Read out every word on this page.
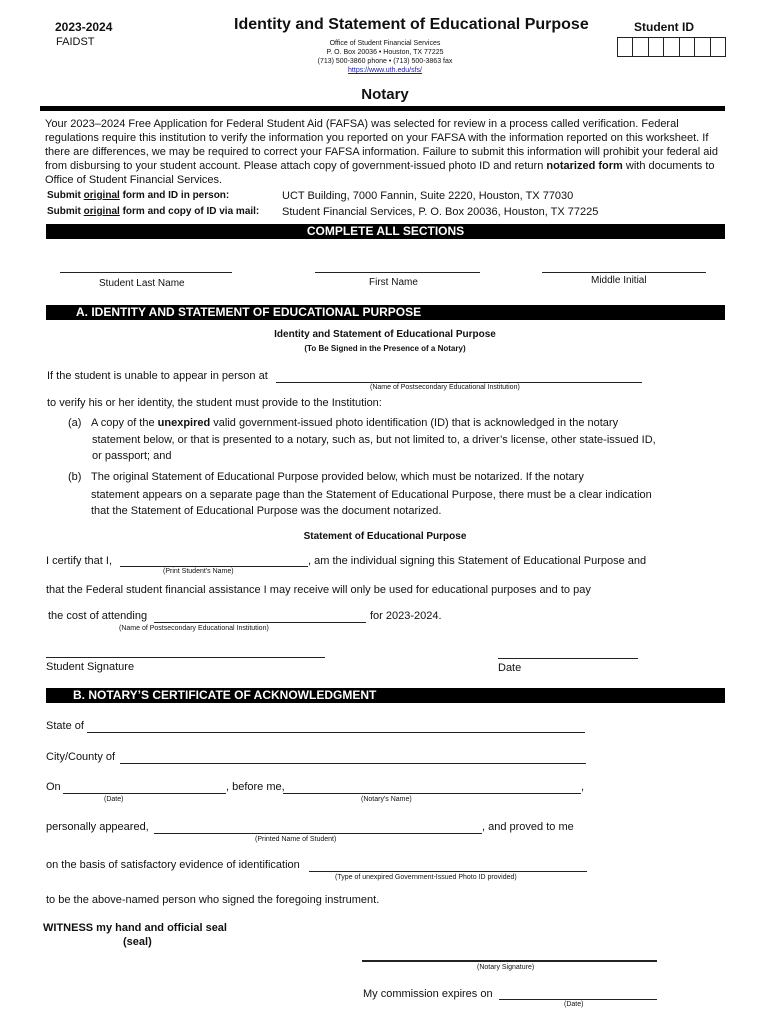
2023-2024
FAIDST
Identity and Statement of Educational Purpose	Student ID
Office of Student Financial Services
P. O. Box 20036 • Houston, TX 77225
(713) 500-3860 phone • (713) 500-3863 fax
https://www.uth.edu/sfs/
Notary
Your 2023–2024 Free Application for Federal Student Aid (FAFSA) was selected for review in a process called verification. Federal regulations require this institution to verify the information you reported on your FAFSA with the information reported on this worksheet. If there are differences, we may be required to correct your FAFSA information. Failure to submit this information will prohibit your federal aid from disbursing to your student account. Please attach copy of government-issued photo ID and return notarized form with documents to Office of Student Financial Services.
Submit original form and ID in person:	UCT Building, 7000 Fannin, Suite 2220, Houston, TX 77030
Submit original form and copy of ID via mail: Student Financial Services, P. O. Box 20036, Houston, TX 77225
COMPLETE ALL SECTIONS
Student Last Name	First Name	Middle Initial
A. IDENTITY AND STATEMENT OF EDUCATIONAL PURPOSE
Identity and Statement of Educational Purpose
(To Be Signed in the Presence of a Notary)
If the student is unable to appear in person at
(Name of Postsecondary Educational Institution)
to verify his or her identity, the student must provide to the Institution:
(a) A copy of the unexpired valid government-issued photo identification (ID) that is acknowledged in the notary
statement below, or that is presented to a notary, such as, but not limited to, a driver’s license, other state-issued ID,
or passport; and
(b) The original Statement of Educational Purpose provided below, which must be notarized. If the notary
statement appears on a separate page than the Statement of Educational Purpose, there must be a clear indication
that the Statement of Educational Purpose was the document notarized.
Statement of Educational Purpose
I certify that I,	, am the individual signing this Statement of Educational Purpose and
(Print Student's Name)
that the Federal student financial assistance I may receive will only be used for educational purposes and to pay
the cost of attending	for 2023-2024.
(Name of Postsecondary Educational Institution)
Student Signature	Date
B. NOTARY’S CERTIFICATE OF ACKNOWLEDGMENT
State of
City/County of
On	, before me,	,
(Date)	(Notary's Name)
personally appeared,	, and proved to me
(Printed Name of Student)
on the basis of satisfactory evidence of identification
(Type of unexpired Government-Issued Photo ID provided)
to be the above-named person who signed the foregoing instrument.
WITNESS my hand and official seal
(seal)
(Notary Signature)
My commission expires on
(Date)
